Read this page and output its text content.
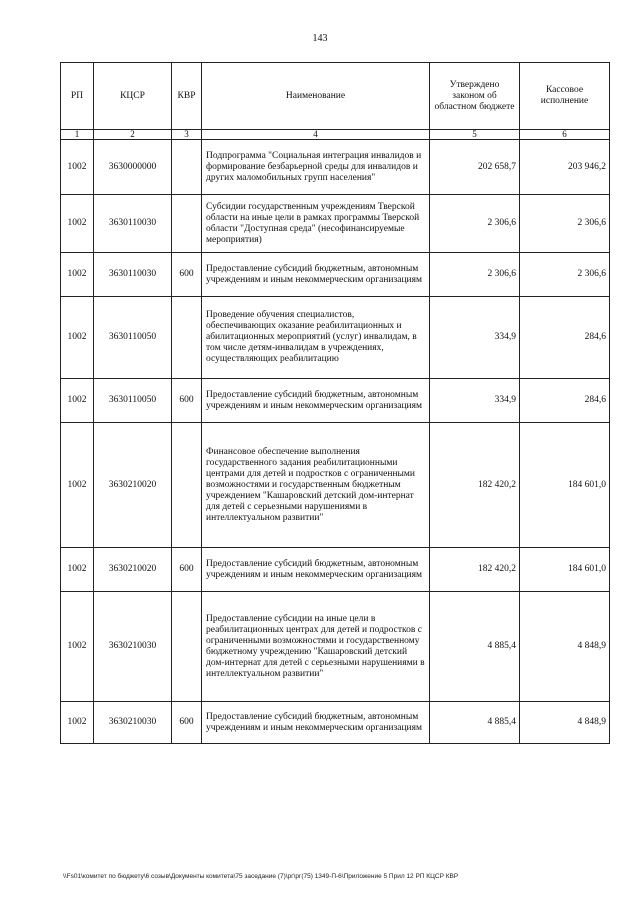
143
РП	КЦСР	КВР	Наименование	Утверждено законом об областном бюджете	Кассовое исполнение
1	2	3	4	5	6
1002	3630000000		Подпрограмма "Социальная интеграция инвалидов и формирование безбарьерной среды для инвалидов и других маломобильных групп населения"	202 658,7	203 946,2
1002	3630110030		Субсидии государственным учреждениям Тверской области на иные цели в рамках программы Тверской области "Доступная среда" (несофинансируемые мероприятия)	2 306,6	2 306,6
1002	3630110030	600	Предоставление субсидий бюджетным, автономным учреждениям и иным некоммерческим организациям	2 306,6	2 306,6
1002	3630110050		Проведение обучения специалистов, обеспечивающих оказание реабилитационных и абилитационных мероприятий (услуг) инвалидам, в том числе детям-инвалидам в учреждениях, осуществляющих реабилитацию	334,9	284,6
1002	3630110050	600	Предоставление субсидий бюджетным, автономным учреждениям и иным некоммерческим организациям	334,9	284,6
1002	3630210020		Финансовое обеспечение выполнения государственного задания реабилитационными центрами для детей и подростков с ограниченными возможностями и государственным бюджетным учреждением "Кашаровский детский дом-интернат для детей с серьезными нарушениями в интеллектуальном развитии"	182 420,2	184 601,0
1002	3630210020	600	Предоставление субсидий бюджетным, автономным учреждениям и иным некоммерческим организациям	182 420,2	184 601,0
1002	3630210030		Предоставление субсидии на иные цели в реабилитационных центрах для детей и подростков с ограниченными возможностями и государственному бюджетному учреждению "Кашаровский детский дом-интернат для детей с серьезными нарушениями в интеллектуальном развитии"	4 885,4	4 848,9
1002	3630210030	600	Предоставление субсидий бюджетным, автономным учреждениям и иным некоммерческим организациям	4 885,4	4 848,9
\\Fs01\комитет по бюджету\6 созыв\Документы комитета\75 заседание (7)\рг\рг(75) 1349-П-6\Приложение 5 Прил 12 РП КЦСР КВР
